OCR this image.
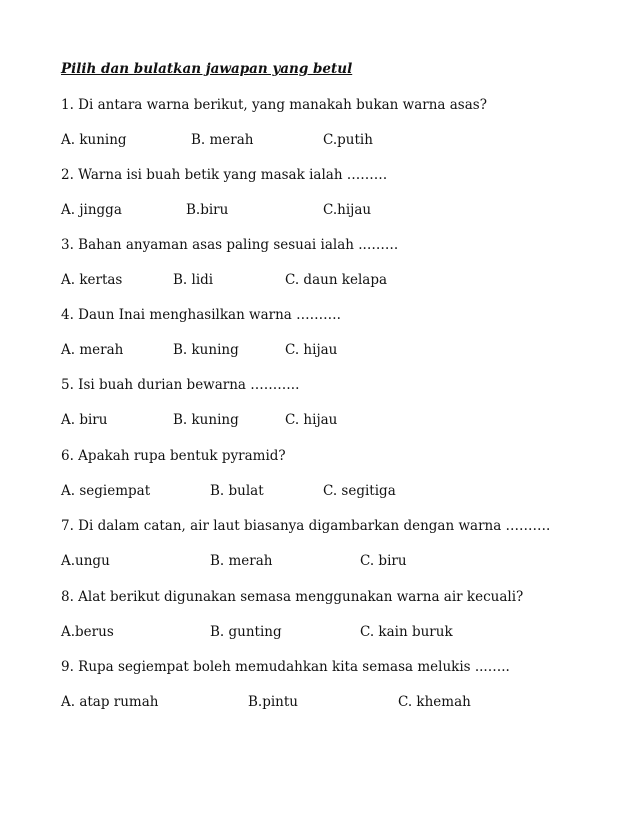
Pilih dan bulatkan jawapan yang betul
1. Di antara warna berikut, yang manakah bukan warna asas?
A. kuning	B. merah	C.putih
2. Warna isi buah betik yang masak ialah ………
A. jingga	B.biru	C.hijau
3. Bahan anyaman asas paling sesuai ialah ..…….
A. kertas	B. lidi	C. daun kelapa
4. Daun Inai menghasilkan warna ……….
A. merah	B. kuning	C. hijau
5. Isi buah durian bewarna ………..
A. biru	B. kuning	C. hijau
6. Apakah rupa bentuk pyramid?
A. segiempat	B. bulat	C. segitiga
7. Di dalam catan, air laut biasanya digambarkan dengan warna ……….
A.ungu	B. merah	C. biru
8. Alat berikut digunakan semasa menggunakan warna air kecuali?
A.berus	B. gunting	C. kain buruk
9. Rupa segiempat boleh memudahkan kita semasa melukis ...…..
A. atap rumah	B.pintu	C. khemah
